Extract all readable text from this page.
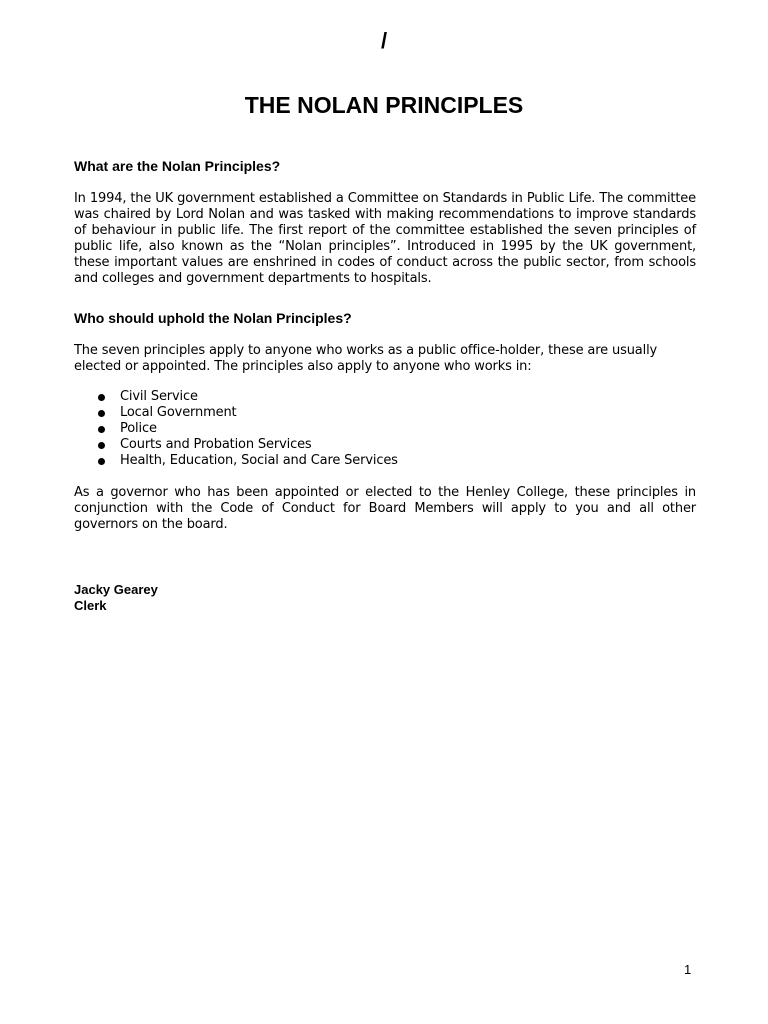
/
THE NOLAN PRINCIPLES
What are the Nolan Principles?

In 1994, the UK government established a Committee on Standards in Public Life. The committee was chaired by Lord Nolan and was tasked with making recommendations to improve standards of behaviour in public life. The first report of the committee established the seven principles of public life, also known as the “Nolan principles”. Introduced in 1995 by the UK government, these important values are enshrined in codes of conduct across the public sector, from schools and colleges and government departments to hospitals.

Who should uphold the Nolan Principles?

The seven principles apply to anyone who works as a public office-holder, these are usually elected or appointed. The principles also apply to anyone who works in:

Civil Service
Local Government
Police
Courts and Probation Services
Health, Education, Social and Care Services

As a governor who has been appointed or elected to the Henley College, these principles in conjunction with the Code of Conduct for Board Members will apply to you and all other governors on the board.

Jacky Gearey
Clerk
1
